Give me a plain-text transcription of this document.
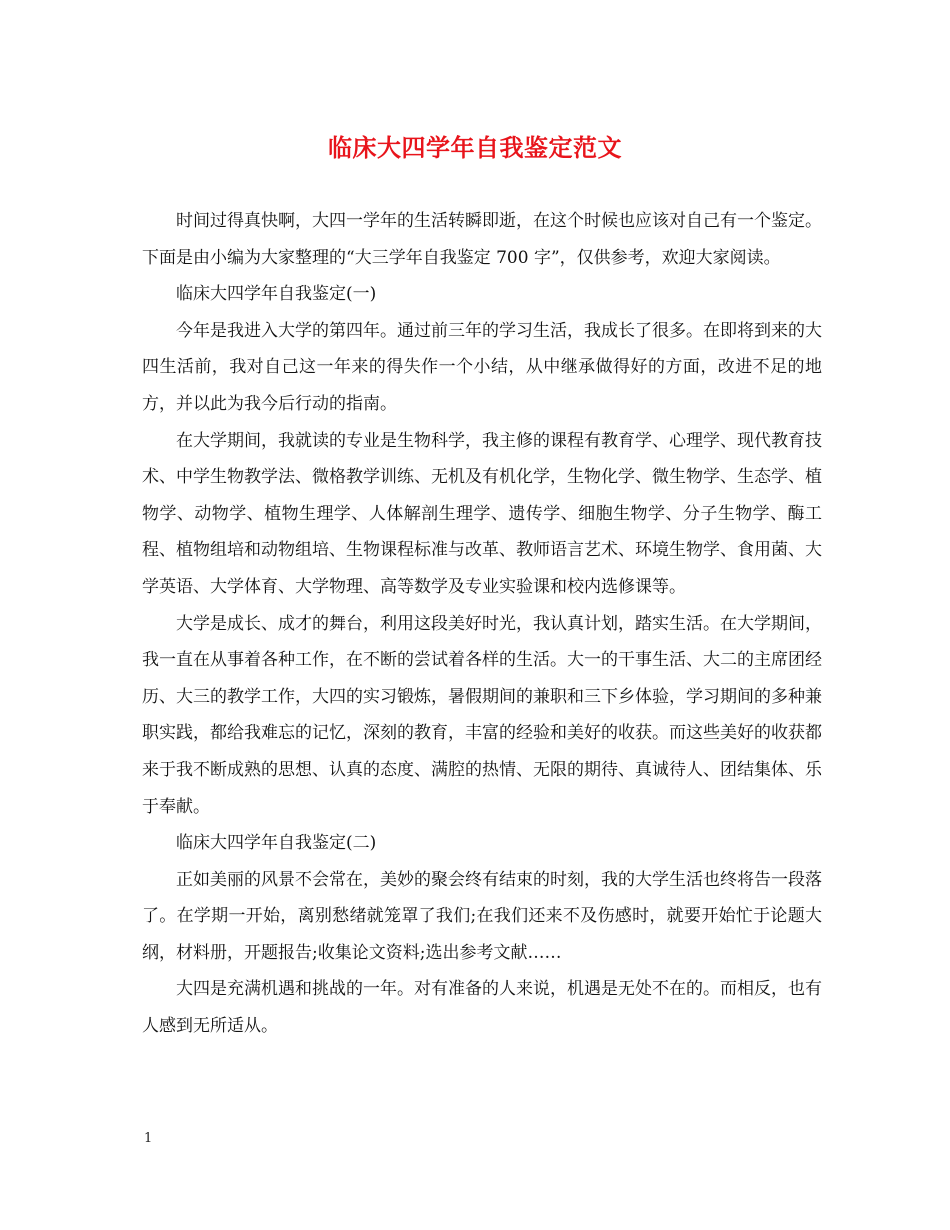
临床大四学年自我鉴定范文

时间过得真快啊，大四一学年的生活转瞬即逝，在这个时候也应该对自己有一个鉴定。下面是由小编为大家整理的“大三学年自我鉴定 700 字”，仅供参考，欢迎大家阅读。

临床大四学年自我鉴定(一)

今年是我进入大学的第四年。通过前三年的学习生活，我成长了很多。在即将到来的大四生活前，我对自己这一年来的得失作一个小结，从中继承做得好的方面，改进不足的地方，并以此为我今后行动的指南。

在大学期间，我就读的专业是生物科学，我主修的课程有教育学、心理学、现代教育技术、中学生物教学法、微格教学训练、无机及有机化学，生物化学、微生物学、生态学、植物学、动物学、植物生理学、人体解剖生理学、遗传学、细胞生物学、分子生物学、酶工程、植物组培和动物组培、生物课程标准与改革、教师语言艺术、环境生物学、食用菌、大学英语、大学体育、大学物理、高等数学及专业实验课和校内选修课等。

大学是成长、成才的舞台，利用这段美好时光，我认真计划，踏实生活。在大学期间，我一直在从事着各种工作，在不断的尝试着各样的生活。大一的干事生活、大二的主席团经历、大三的教学工作，大四的实习锻炼，暑假期间的兼职和三下乡体验，学习期间的多种兼职实践，都给我难忘的记忆，深刻的教育，丰富的经验和美好的收获。而这些美好的收获都来于我不断成熟的思想、认真的态度、满腔的热情、无限的期待、真诚待人、团结集体、乐于奉献。

临床大四学年自我鉴定(二)

正如美丽的风景不会常在，美妙的聚会终有结束的时刻，我的大学生活也终将告一段落了。在学期一开始，离别愁绪就笼罩了我们;在我们还来不及伤感时，就要开始忙于论题大纲，材料册，开题报告;收集论文资料;选出参考文献……

大四是充满机遇和挑战的一年。对有准备的人来说，机遇是无处不在的。而相反，也有人感到无所适从。

1
